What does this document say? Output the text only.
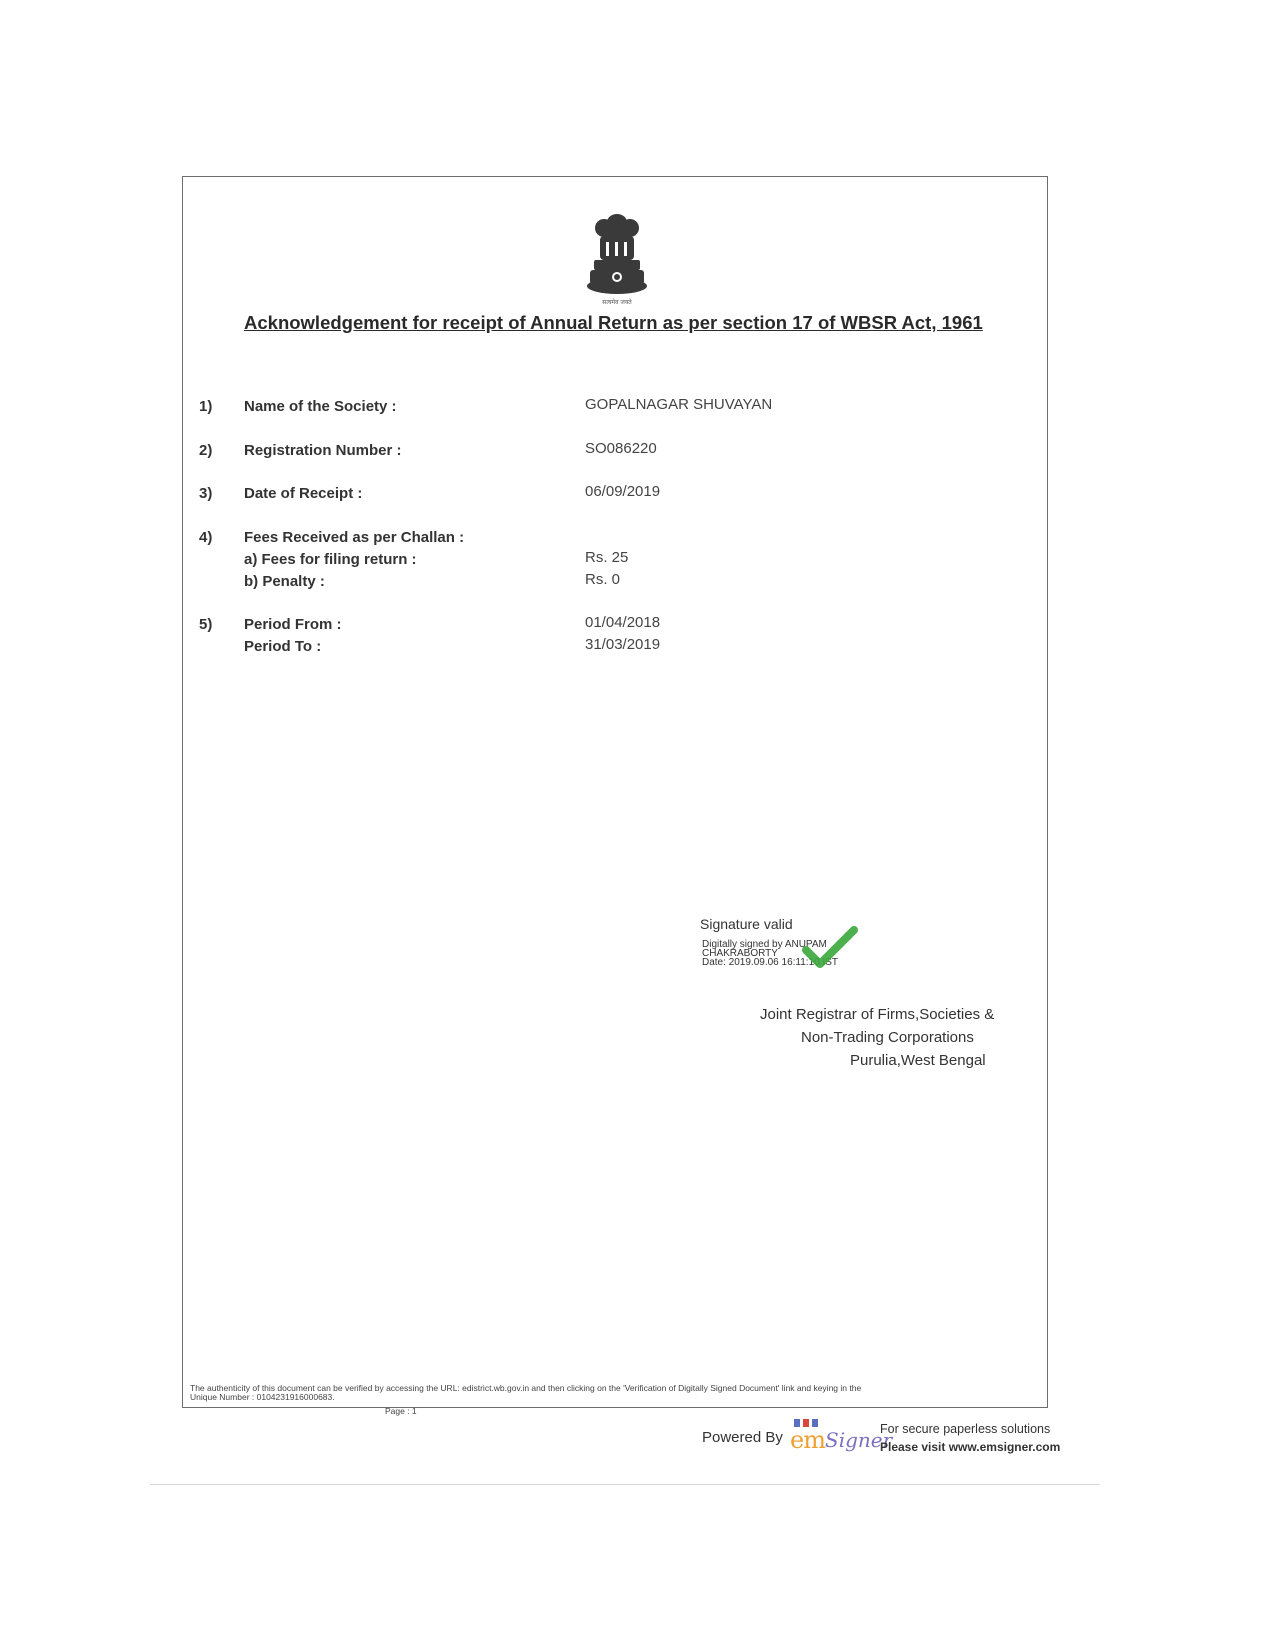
सत्यमेव जयते
Acknowledgement for receipt of Annual Return as per section 17 of WBSR Act, 1961
1) Name of the Society :	GOPALNAGAR SHUVAYAN
2) Registration Number :	SO086220
3) Date of Receipt :	06/09/2019
4) Fees Received as per Challan :
a) Fees for filing return :	Rs. 25
b) Penalty :	Rs. 0
5) Period From :	01/04/2018
Period To :	31/03/2019
Signature valid
Digitally signed by ANUPAM
CHAKRABORTY
Date: 2019.09.06 16:11:10 IST
Joint Registrar of Firms,Societies &
Non-Trading Corporations
Purulia,West Bengal
The authenticity of this document can be verified by accessing the URL: edistrict.wb.gov.in and then clicking on the 'Verification of Digitally Signed Document' link and keying in the
Unique Number : 0104231916000683.
Page : 1
Powered By em Signer
For secure paperless solutions
Please visit www.emsigner.com
